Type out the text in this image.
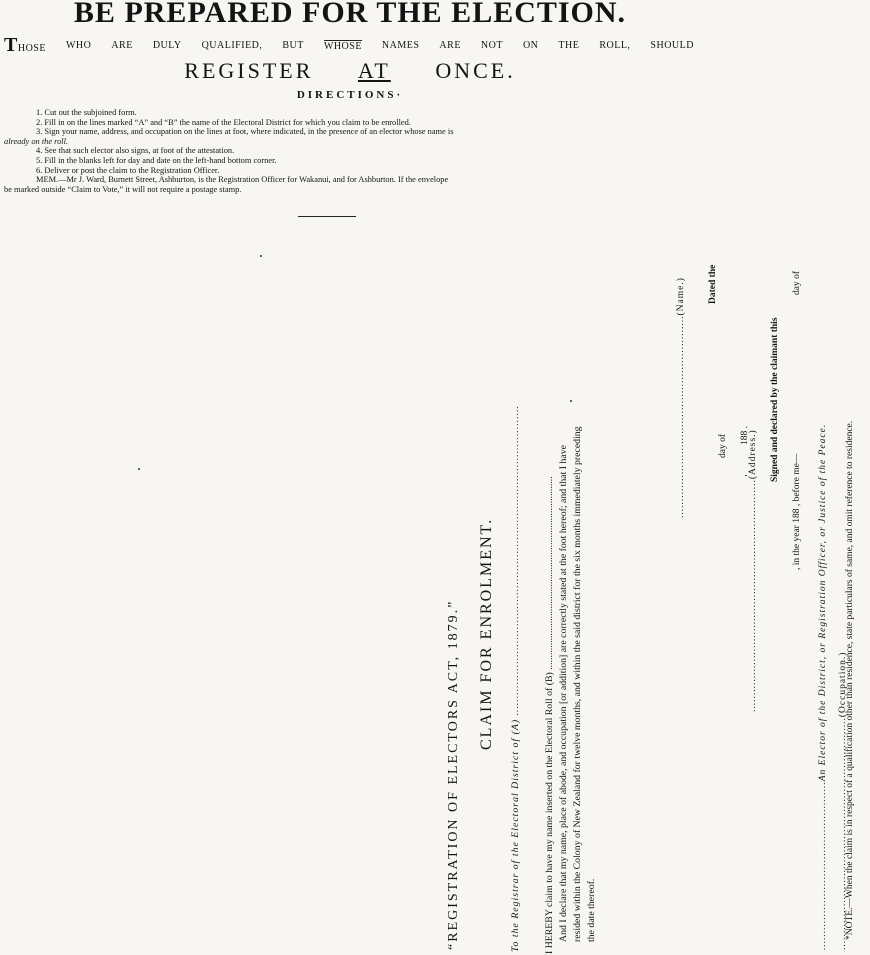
BE PREPARED FOR THE ELECTION.
THOSE WHO ARE DULY QUALIFIED, BUT WHOSE NAMES ARE NOT ON THE ROLL, SHOULD
REGISTER AT ONCE.
DIRECTIONS·
1. Cut out the subjoined form.
2. Fill in on the lines marked “A” and “B” the name of the Electoral District for which you claim to be enrolled.
3. Sign your name, address, and occupation on the lines at foot, where indicated, in the presence of an elector whose name is
already on the roll.
4. See that such elector also signs, at foot of the attestation.
5. Fill in the blanks left for day and date on the left-hand bottom corner.
6. Deliver or post the claim to the Registration Officer.
MEM.—Mr J. Ward, Burnett Street, Ashburton, is the Registration Officer for Wakanui, and for Ashburton. If the envelope
be marked outside “Claim to Vote,” it will not require a postage stamp.
“REGISTRATION OF ELECTORS ACT, 1879.” CLAIM FOR ENROLMENT. To the Registrar of the Electoral District of (A) .......................................................................................... I HEREBY claim to have my name inserted on the Electoral Roll of (B) ............................................................................... And I declare that my name, place of abode, and occupation [or addition] are correctly stated at the foot hereof; and that I have resided within the Colony of New Zealand for twelve months, and within the said district for the six months immediately preceding the date thereof.
............................................................(Name.) Dated the
day of 188 .
.....................................................................(Address.)
.....................................................................(Occupation.)
Signed and declared by the claimant this
day of
, in the year 188 , before me— ..................................................An Elector of the District, or Registration Officer, or Justice of the Peace. *NOTE.—When the claim is in respect of a qualification other than residence, state particulars of same, and omit reference to residence.
